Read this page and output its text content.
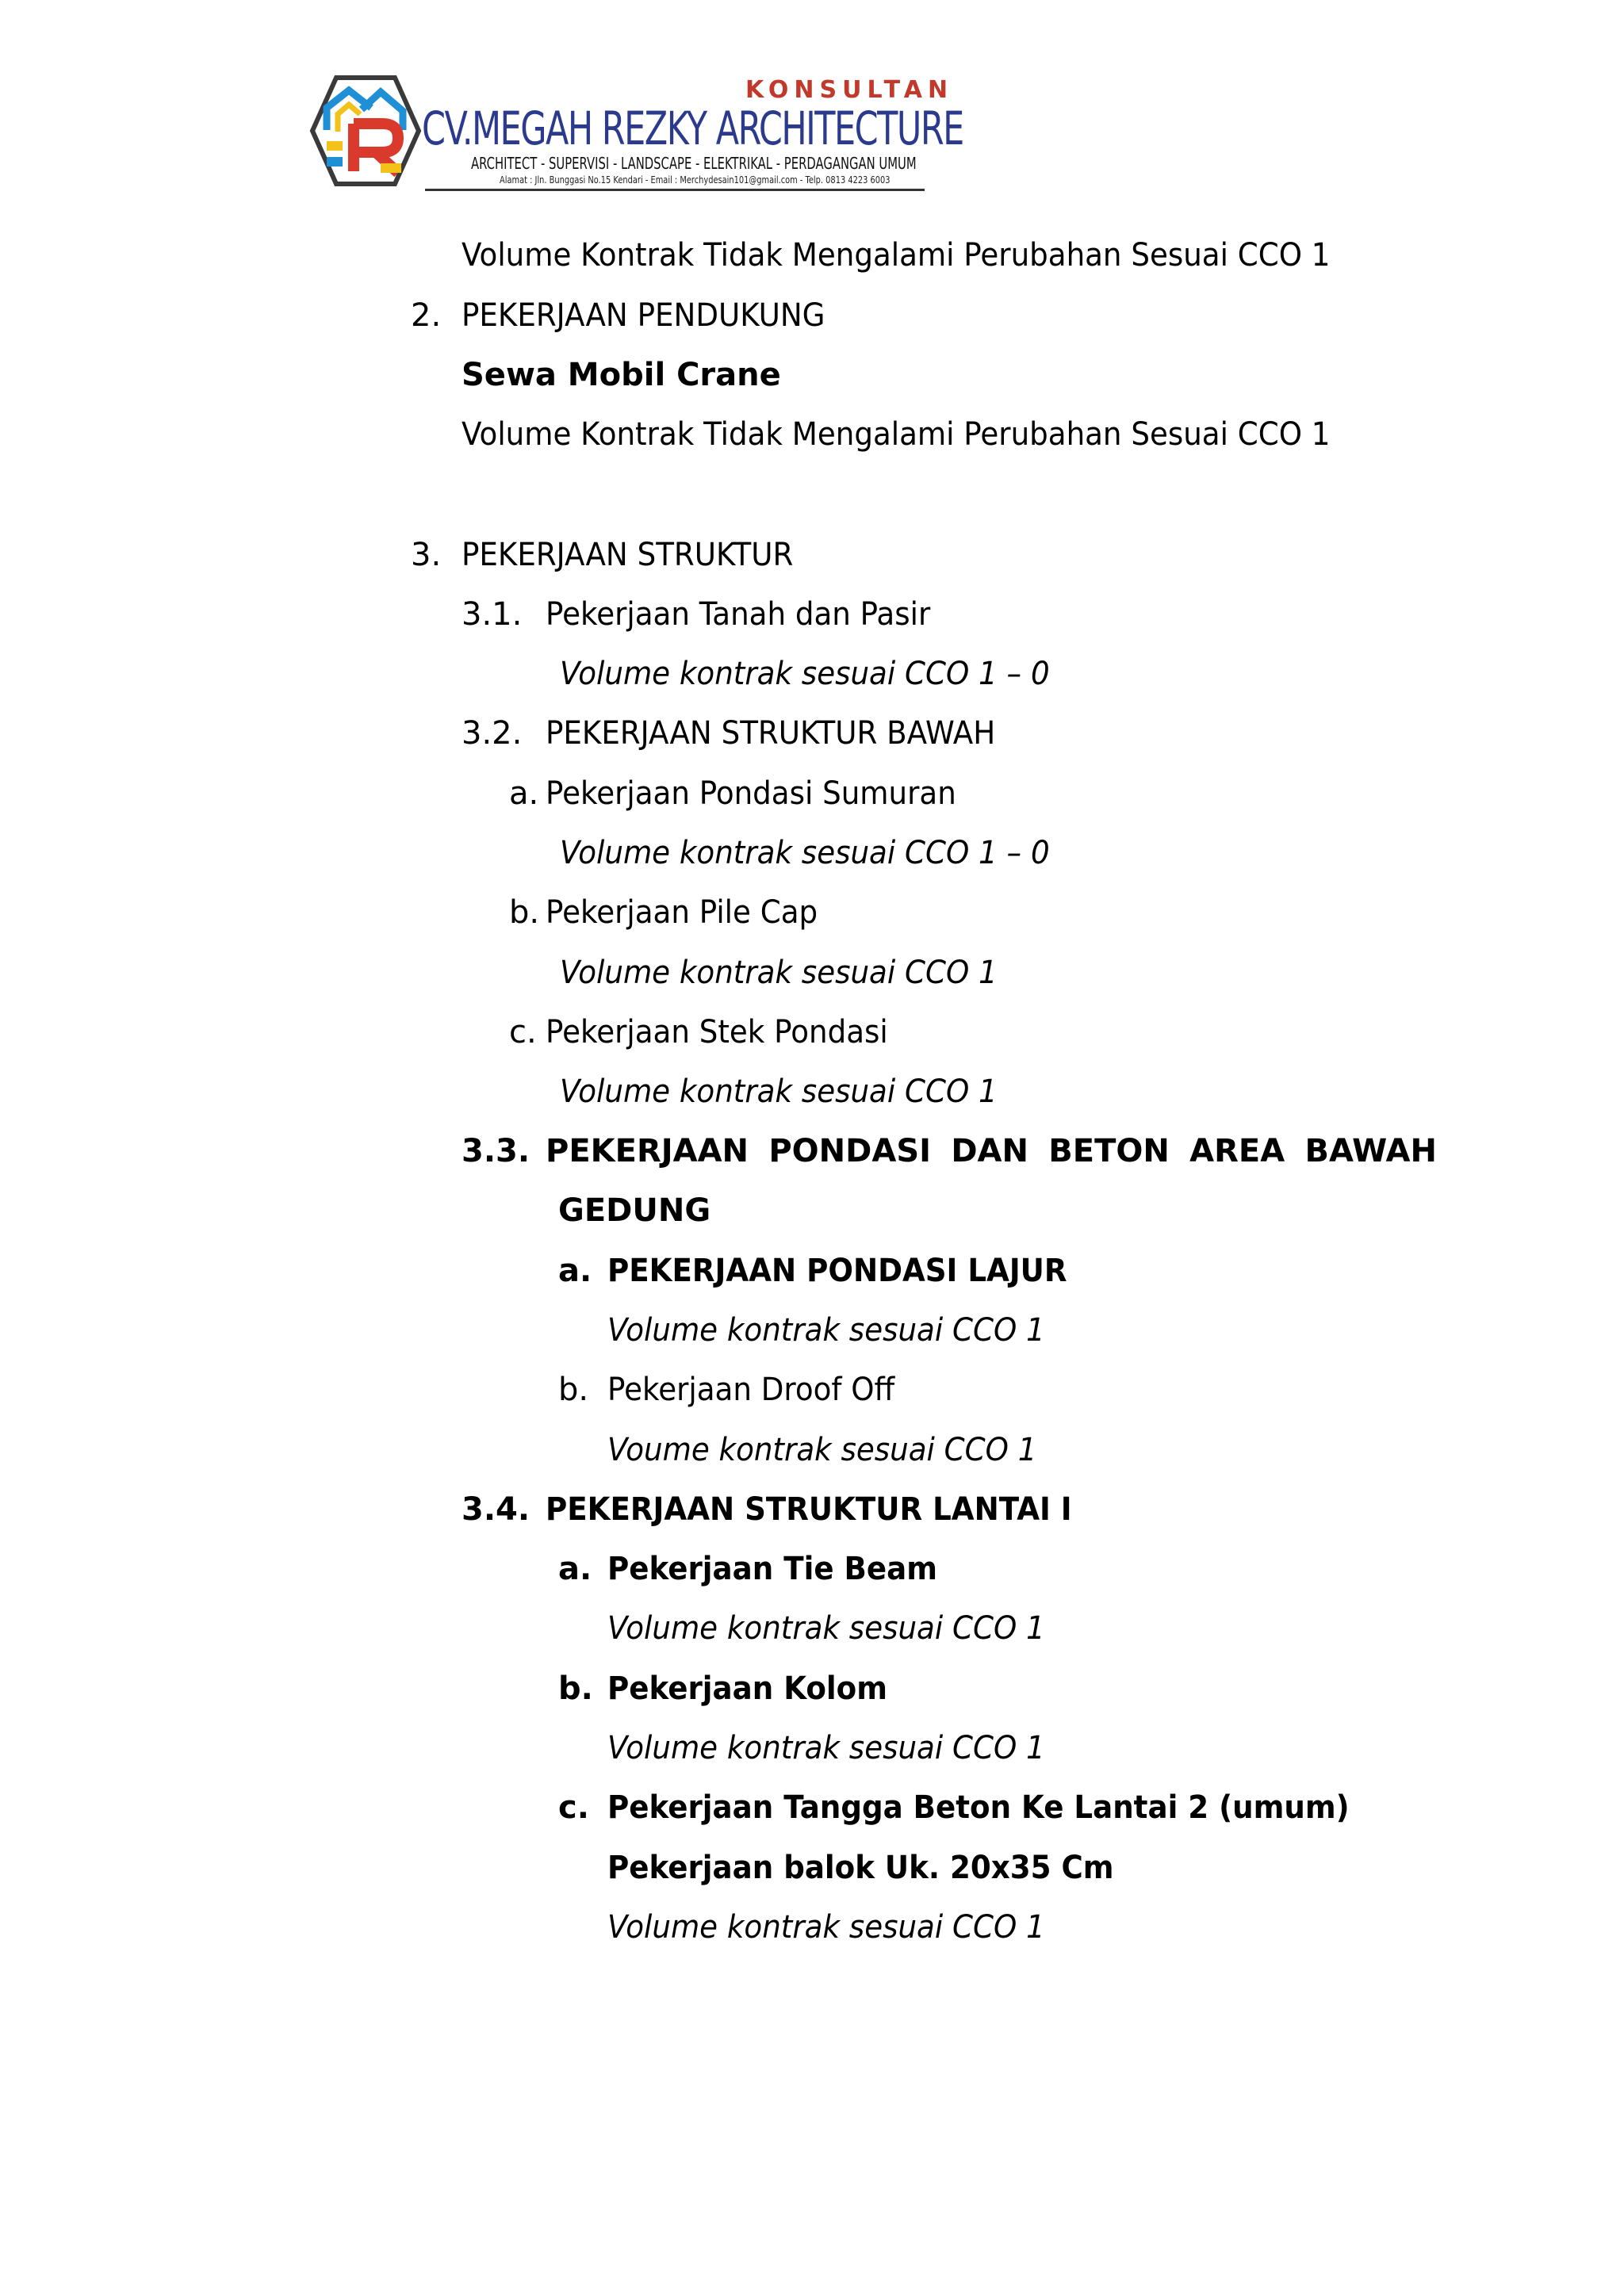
KONSULTAN
CV.MEGAH REZKY ARCHITECTURE
ARCHITECT - SUPERVISI - LANDSCAPE - ELEKTRIKAL - PERDAGANGAN UMUM
Alamat : Jln. Bunggasi No.15 Kendari - Email : Merchydesain101@gmail.com - Telp. 0813 4223 6003
Volume Kontrak Tidak Mengalami Perubahan Sesuai CCO 1
2. PEKERJAAN PENDUKUNG
Sewa Mobil Crane
Volume Kontrak Tidak Mengalami Perubahan Sesuai CCO 1
3. PEKERJAAN STRUKTUR
3.1. Pekerjaan Tanah dan Pasir
Volume kontrak sesuai CCO 1 – 0
3.2. PEKERJAAN STRUKTUR BAWAH
a. Pekerjaan Pondasi Sumuran
Volume kontrak sesuai CCO 1 – 0
b. Pekerjaan Pile Cap
Volume kontrak sesuai CCO 1
c. Pekerjaan Stek Pondasi
Volume kontrak sesuai CCO 1
3.3. PEKERJAAN PONDASI DAN BETON AREA BAWAH
GEDUNG
a. PEKERJAAN PONDASI LAJUR
Volume kontrak sesuai CCO 1
b. Pekerjaan Droof Off
Voume kontrak sesuai CCO 1
3.4. PEKERJAAN STRUKTUR LANTAI I
a. Pekerjaan Tie Beam
Volume kontrak sesuai CCO 1
b. Pekerjaan Kolom
Volume kontrak sesuai CCO 1
c. Pekerjaan Tangga Beton Ke Lantai 2 (umum)
Pekerjaan balok Uk. 20x35 Cm
Volume kontrak sesuai CCO 1
